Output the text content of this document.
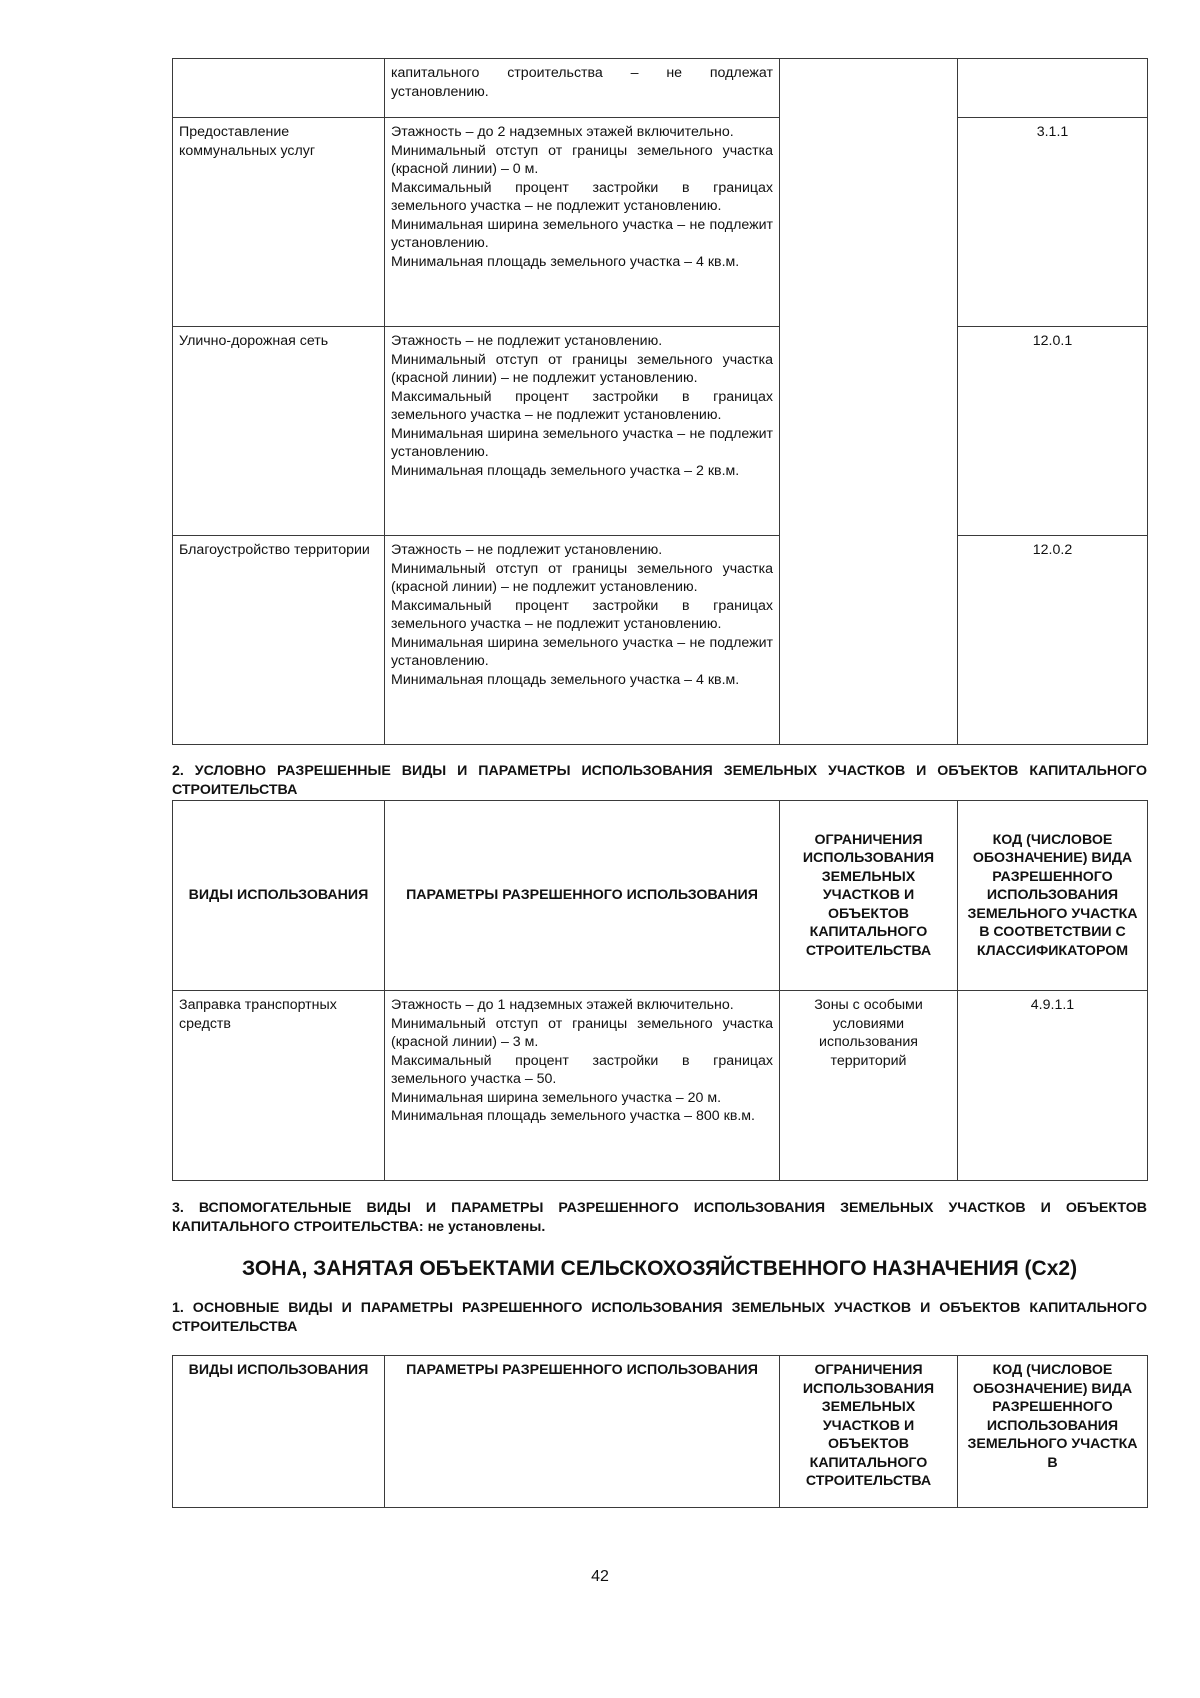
	капитального строительства – не подлежат установлению.		

Предоставление коммунальных услуг	Этажность – до 2 надземных этажей включительно.
Минимальный отступ от границы земельного участка (красной линии) – 0 м.
Максимальный процент застройки в границах земельного участка – не подлежит установлению.
Минимальная ширина земельного участка – не подлежит установлению.
Минимальная площадь земельного участка – 4 кв.м.		3.1.1
Улично-дорожная сеть	Этажность – не подлежит установлению.
Минимальный отступ от границы земельного участка (красной линии) – не подлежит установлению.
Максимальный процент застройки в границах земельного участка – не подлежит установлению.
Минимальная ширина земельного участка – не подлежит установлению.
Минимальная площадь земельного участка – 2 кв.м.		12.0.1
Благоустройство территории	Этажность – не подлежит установлению.
Минимальный отступ от границы земельного участка (красной линии) – не подлежит установлению.
Максимальный процент застройки в границах земельного участка – не подлежит установлению.
Минимальная ширина земельного участка – не подлежит установлению.
Минимальная площадь земельного участка – 4 кв.м.		12.0.2
2. УСЛОВНО РАЗРЕШЕННЫЕ ВИДЫ И ПАРАМЕТРЫ ИСПОЛЬЗОВАНИЯ ЗЕМЕЛЬНЫХ УЧАСТКОВ И ОБЪЕКТОВ КАПИТАЛЬНОГО СТРОИТЕЛЬСТВА
ВИДЫ ИСПОЛЬЗОВАНИЯ	ПАРАМЕТРЫ РАЗРЕШЕННОГО ИСПОЛЬЗОВАНИЯ	ОГРАНИЧЕНИЯ ИСПОЛЬЗОВАНИЯ ЗЕМЕЛЬНЫХ УЧАСТКОВ И ОБЪЕКТОВ КАПИТАЛЬНОГО СТРОИТЕЛЬСТВА	КОД (ЧИСЛОВОЕ ОБОЗНАЧЕНИЕ) ВИДА РАЗРЕШЕННОГО ИСПОЛЬЗОВАНИЯ ЗЕМЕЛЬНОГО УЧАСТКА В СООТВЕТСТВИИ С КЛАССИФИКАТОРОМ
Заправка транспортных средств	Этажность – до 1 надземных этажей включительно.
Минимальный отступ от границы земельного участка (красной линии) – 3 м.
Максимальный процент застройки в границах земельного участка – 50.
Минимальная ширина земельного участка – 20 м.
Минимальная площадь земельного участка – 800 кв.м.	Зоны с особыми условиями использования территорий	4.9.1.1
3. ВСПОМОГАТЕЛЬНЫЕ ВИДЫ И ПАРАМЕТРЫ РАЗРЕШЕННОГО ИСПОЛЬЗОВАНИЯ ЗЕМЕЛЬНЫХ УЧАСТКОВ И ОБЪЕКТОВ КАПИТАЛЬНОГО СТРОИТЕЛЬСТВА: не установлены.
ЗОНА, ЗАНЯТАЯ ОБЪЕКТАМИ СЕЛЬСКОХОЗЯЙСТВЕННОГО НАЗНАЧЕНИЯ (Сх2)
1. ОСНОВНЫЕ ВИДЫ И ПАРАМЕТРЫ РАЗРЕШЕННОГО ИСПОЛЬЗОВАНИЯ ЗЕМЕЛЬНЫХ УЧАСТКОВ И ОБЪЕКТОВ КАПИТАЛЬНОГО СТРОИТЕЛЬСТВА
ВИДЫ ИСПОЛЬЗОВАНИЯ	ПАРАМЕТРЫ РАЗРЕШЕННОГО ИСПОЛЬЗОВАНИЯ	ОГРАНИЧЕНИЯ ИСПОЛЬЗОВАНИЯ ЗЕМЕЛЬНЫХ УЧАСТКОВ И ОБЪЕКТОВ КАПИТАЛЬНОГО СТРОИТЕЛЬСТВА	КОД (ЧИСЛОВОЕ ОБОЗНАЧЕНИЕ) ВИДА РАЗРЕШЕННОГО ИСПОЛЬЗОВАНИЯ ЗЕМЕЛЬНОГО УЧАСТКА В
42
